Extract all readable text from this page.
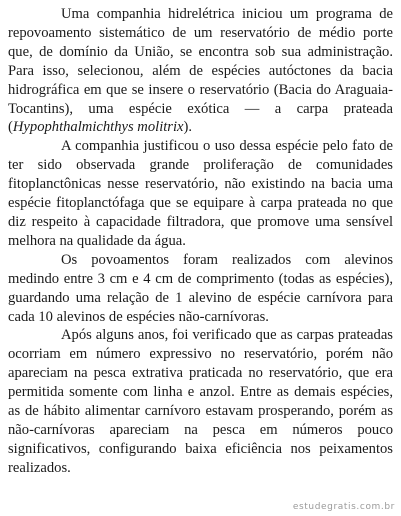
Uma companhia hidrelétrica iniciou um programa de repovoamento sistemático de um reservatório de médio porte que, de domínio da União, se encontra sob sua administração. Para isso, selecionou, além de espécies autóctones da bacia hidrográfica em que se insere o reservatório (Bacia do Araguaia-Tocantins), uma espécie exótica — a carpa prateada (Hypophthalmichthys molitrix).

A companhia justificou o uso dessa espécie pelo fato de ter sido observada grande proliferação de comunidades fitoplanctônicas nesse reservatório, não existindo na bacia uma espécie fitoplanctófaga que se equipare à carpa prateada no que diz respeito à capacidade filtradora, que promove uma sensível melhora na qualidade da água.

Os povoamentos foram realizados com alevinos medindo entre 3 cm e 4 cm de comprimento (todas as espécies), guardando uma relação de 1 alevino de espécie carnívora para cada 10 alevinos de espécies não-carnívoras.

Após alguns anos, foi verificado que as carpas prateadas ocorriam em número expressivo no reservatório, porém não apareciam na pesca extrativa praticada no reservatório, que era permitida somente com linha e anzol. Entre as demais espécies, as de hábito alimentar carnívoro estavam prosperando, porém as não-carnívoras apareciam na pesca em números pouco significativos, configurando baixa eficiência nos peixamentos realizados.

estudegratis.com.br
